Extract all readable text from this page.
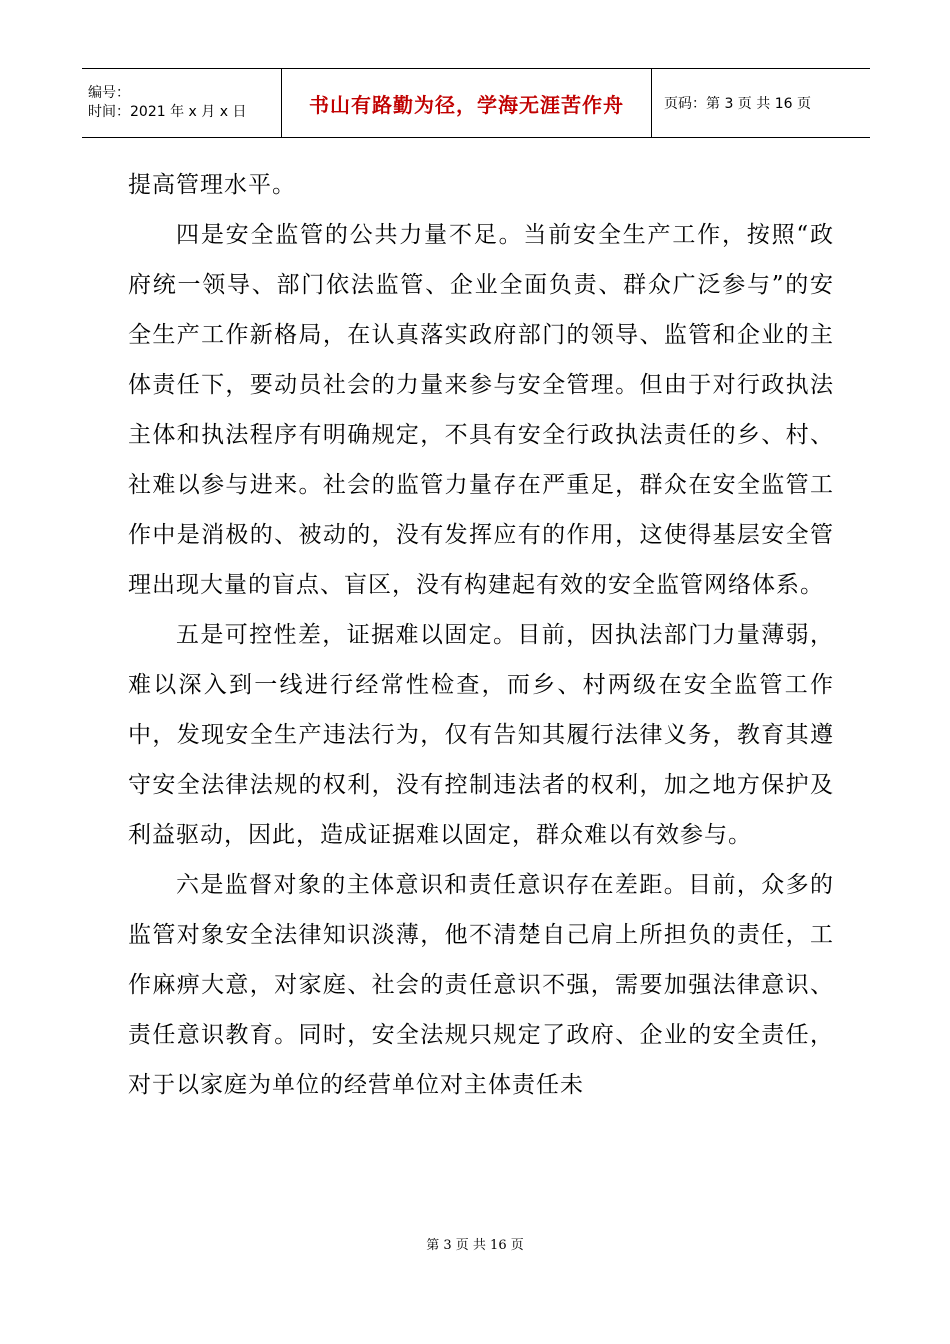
编号：
时间：2021 年 x 月 x 日	书山有路勤为径，学海无涯苦作舟	页码：第 3 页 共 16 页

提高管理水平。

四是安全监管的公共力量不足。当前安全生产工作，按照“政府统一领导、部门依法监管、企业全面负责、群众广泛参与”的安全生产工作新格局，在认真落实政府部门的领导、监管和企业的主体责任下，要动员社会的力量来参与安全管理。但由于对行政执法主体和执法程序有明确规定，不具有安全行政执法责任的乡、村、社难以参与进来。社会的监管力量存在严重足，群众在安全监管工作中是消极的、被动的，没有发挥应有的作用，这使得基层安全管理出现大量的盲点、盲区，没有构建起有效的安全监管网络体系。

五是可控性差，证据难以固定。目前，因执法部门力量薄弱，难以深入到一线进行经常性检查，而乡、村两级在安全监管工作中，发现安全生产违法行为，仅有告知其履行法律义务，教育其遵守安全法律法规的权利，没有控制违法者的权利，加之地方保护及利益驱动，因此，造成证据难以固定，群众难以有效参与。

六是监督对象的主体意识和责任意识存在差距。目前，众多的监管对象安全法律知识淡薄，他不清楚自己肩上所担负的责任，工作麻痹大意，对家庭、社会的责任意识不强，需要加强法律意识、责任意识教育。同时，安全法规只规定了政府、企业的安全责任，对于以家庭为单位的经营单位对主体责任未

第 3 页 共 16 页
